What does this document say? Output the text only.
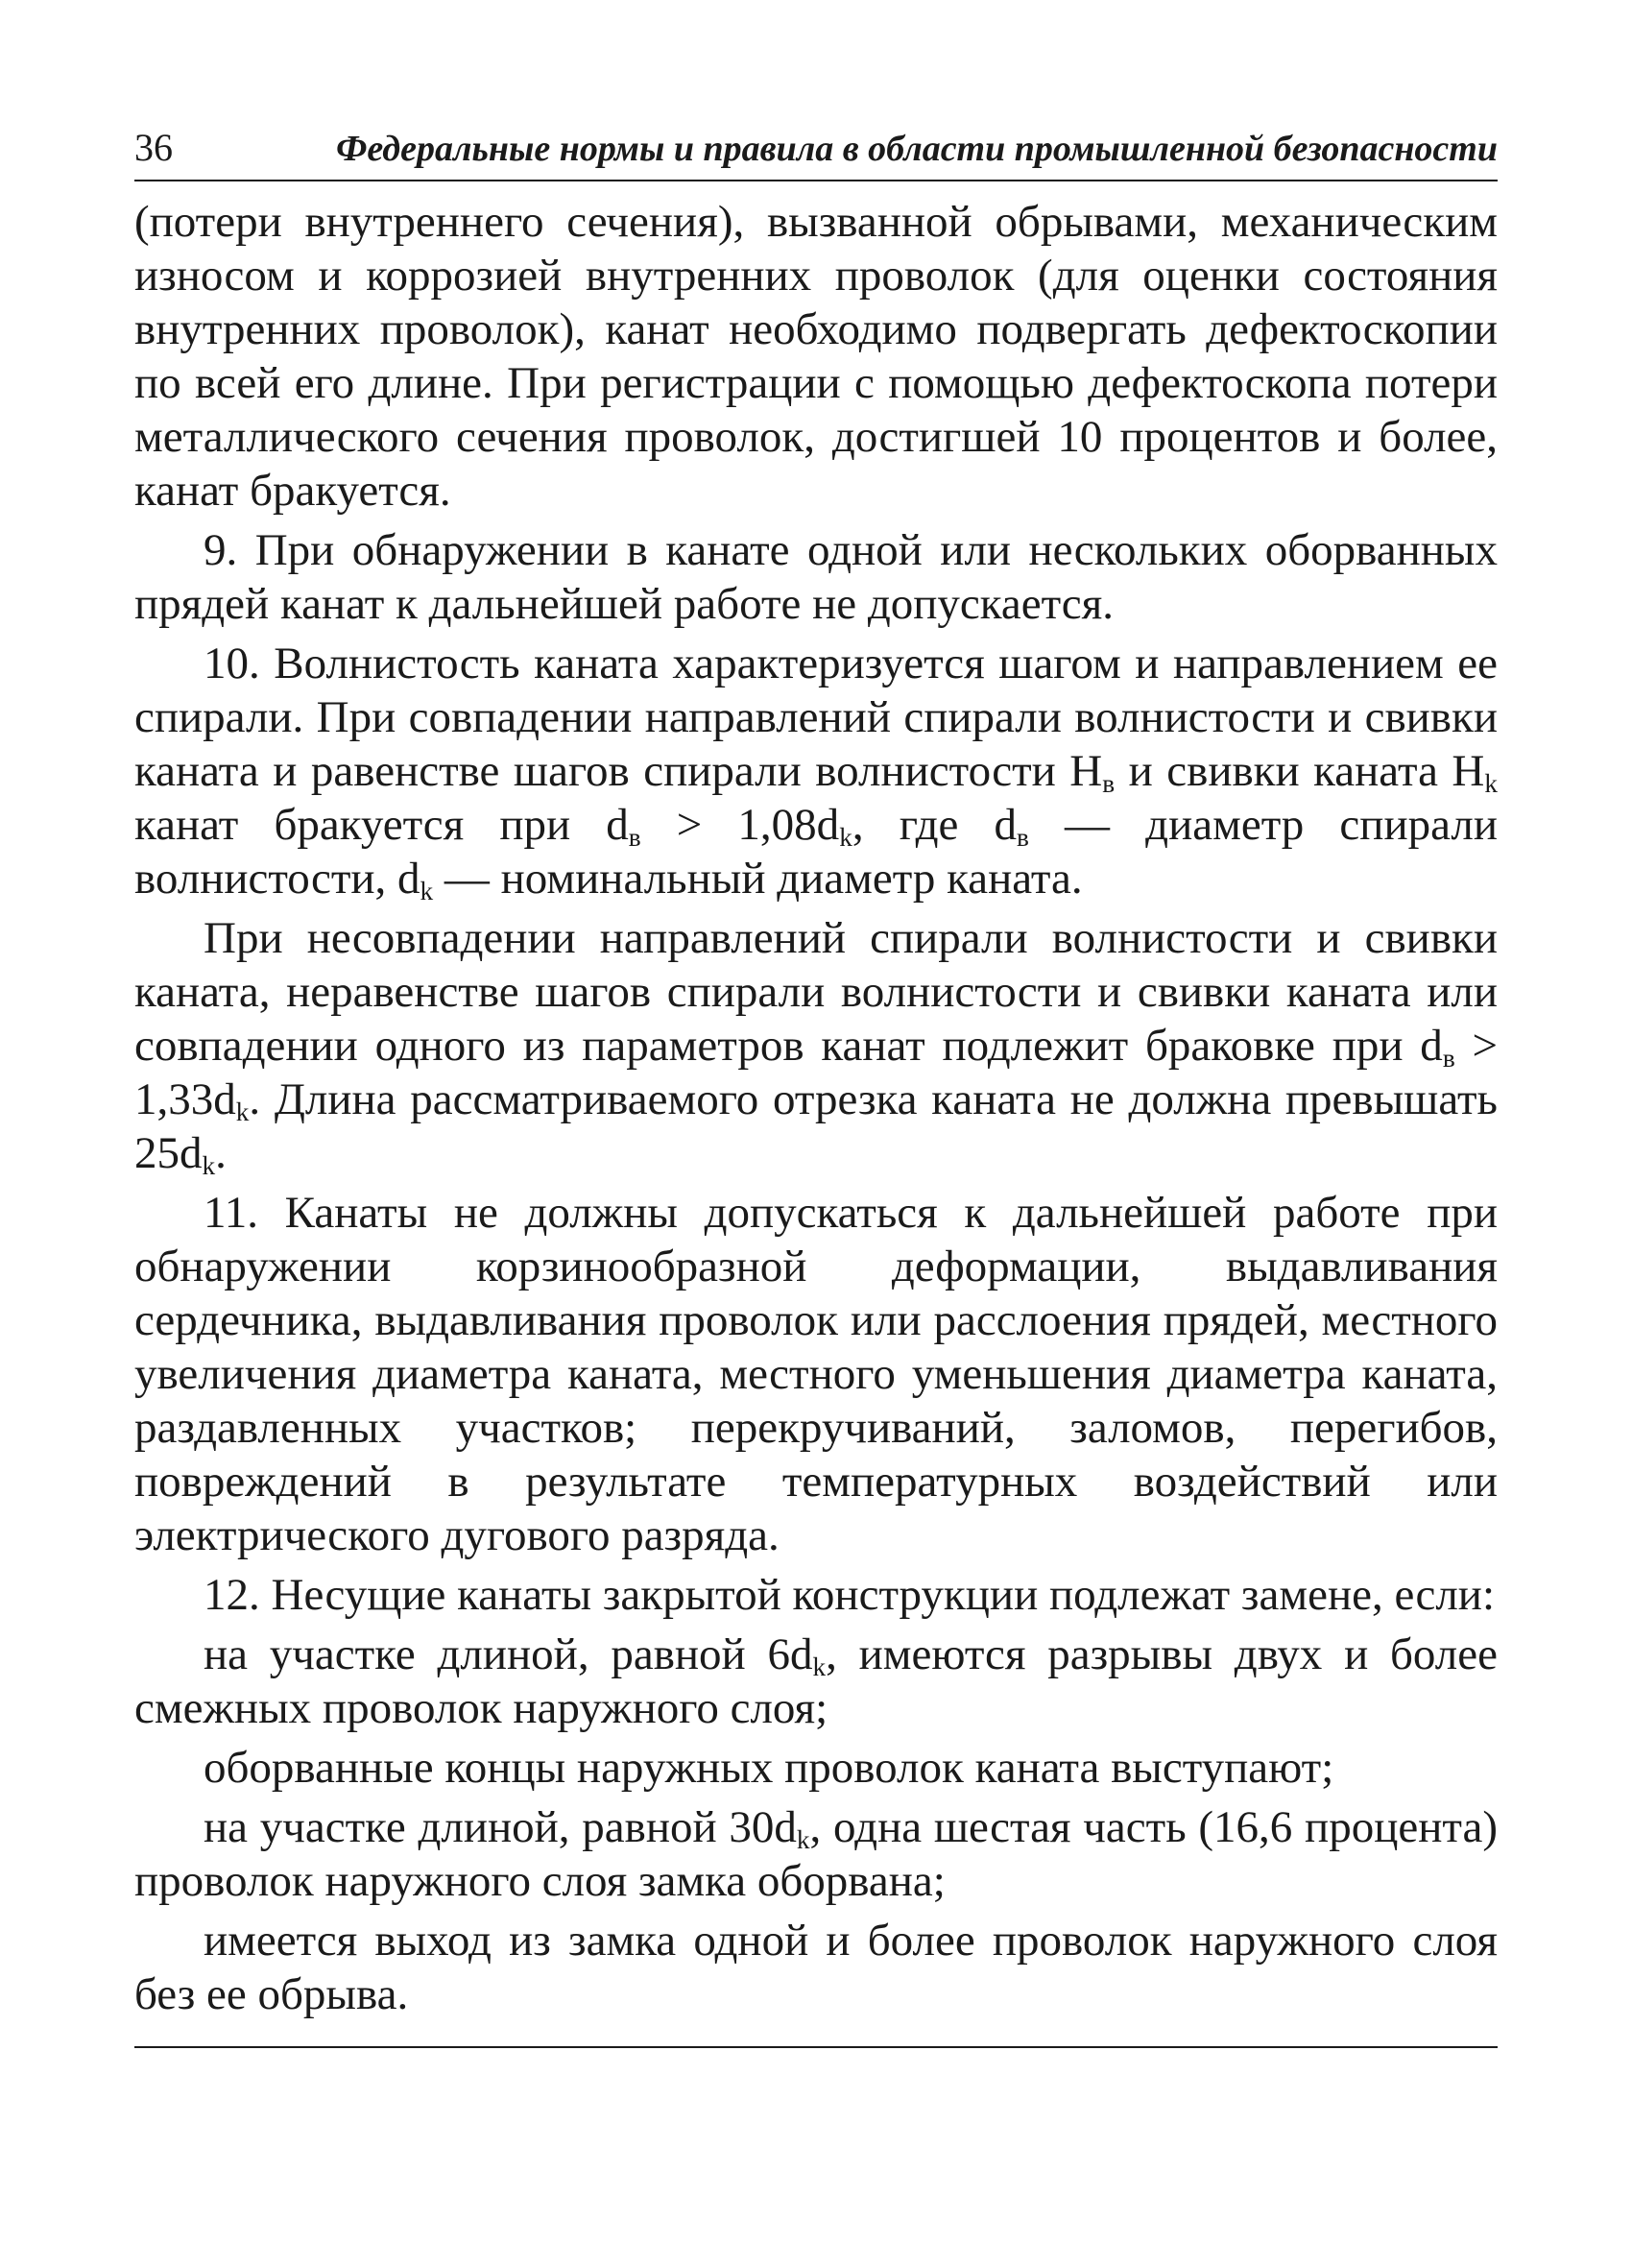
36	Федеральные нормы и правила в области промышленной безопасности

(потери внутреннего сечения), вызванной обрывами, механическим износом и коррозией внутренних проволок (для оценки состояния внутренних проволок), канат необходимо подвергать дефектоскопии по всей его длине. При регистрации с помощью дефектоскопа потери металлического сечения проволок, достигшей 10 процентов и более, канат бракуется.

9. При обнаружении в канате одной или нескольких оборванных прядей канат к дальнейшей работе не допускается.

10. Волнистость каната характеризуется шагом и направлением ее спирали. При совпадении направлений спирали волнистости и свивки каната и равенстве шагов спирали волнистости $Н_в$ и свивки каната $Н_k$ канат бракуется при $d_в > 1,08d_k$, где $d_в$ — диаметр спирали волнистости, $d_k$ — номинальный диаметр каната.

При несовпадении направлений спирали волнистости и свивки каната, неравенстве шагов спирали волнистости и свивки каната или совпадении одного из параметров канат подлежит браковке при $d_в > 1,33d_k$. Длина рассматриваемого отрезка каната не должна превышать $25d_k$.

11. Канаты не должны допускаться к дальнейшей работе при обнаружении корзинообразной деформации, выдавливания сердечника, выдавливания проволок или расслоения прядей, местного увеличения диаметра каната, местного уменьшения диаметра каната, раздавленных участков; перекручиваний, заломов, перегибов, повреждений в результате температурных воздействий или электрического дугового разряда.

12. Несущие канаты закрытой конструкции подлежат замене, если:

на участке длиной, равной $6d_k$, имеются разрывы двух и более смежных проволок наружного слоя;

оборванные концы наружных проволок каната выступают;

на участке длиной, равной $30d_k$, одна шестая часть (16,6 процента) проволок наружного слоя замка оборвана;

имеется выход из замка одной и более проволок наружного слоя без ее обрыва.
